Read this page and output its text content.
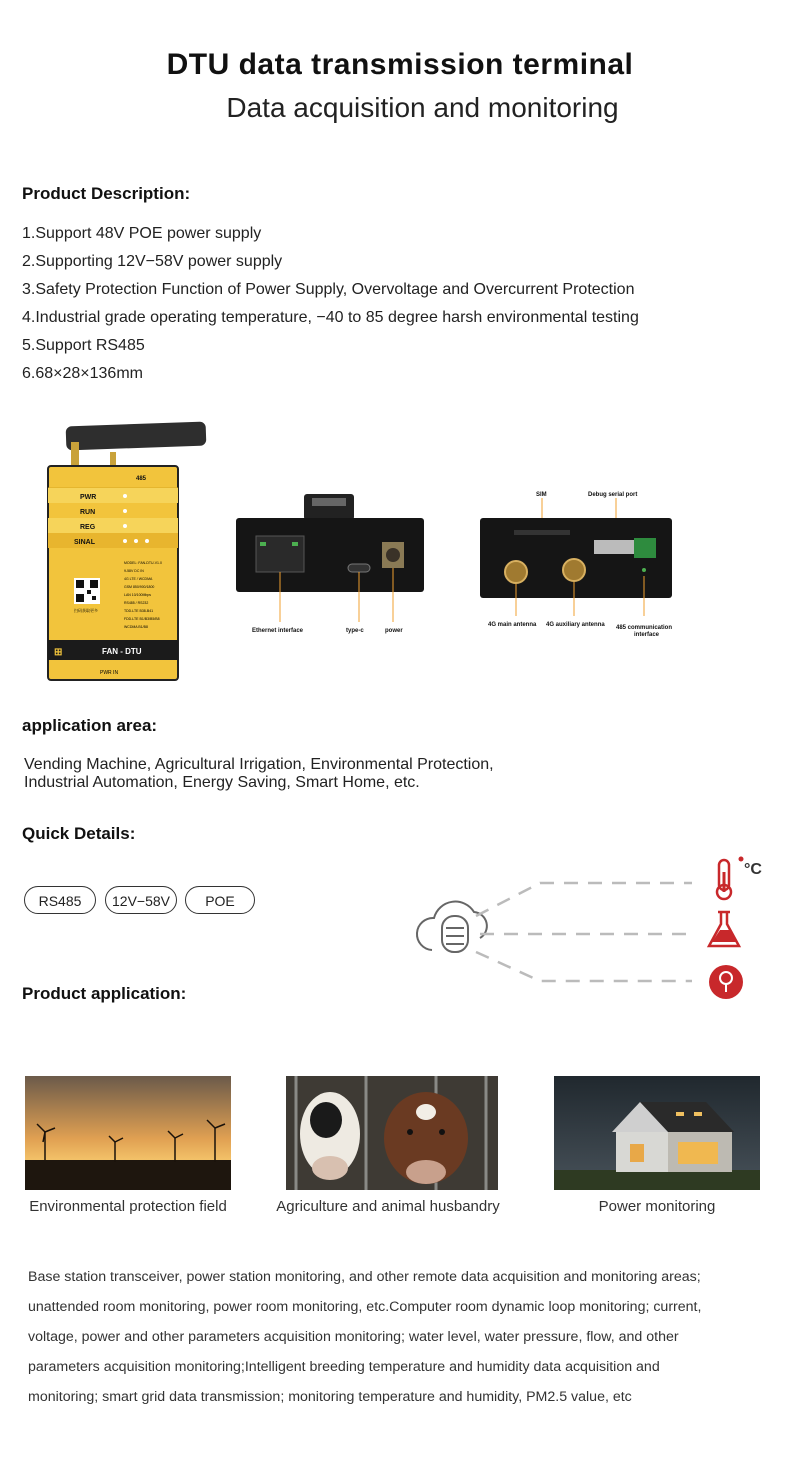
DTU data transmission terminal
Data acquisition and monitoring
Product Description:
1.Support 48V POE power supply
2.Supporting 12V−58V power supply
3.Safety Protection Function of Power Supply, Overvoltage and Overcurrent Protection
4.Industrial grade operating temperature, −40 to 85 degree harsh environmental testing
5.Support RS485
6.68×28×136mm
485
PWR
RUN
REG
SINAL
扫码获取更多
MODEL: FAN-DTU-V1.0
9-58V DC IN
4G LTE / WCDMA
GSM 850/900/1800
LAN 10/100Mbps
RS485 / RS232
TDD-LTE B38-B41
FDD-LTE B1/B3/B5/B8
WCDMA B1/B8
FAN - DTU
⊞
PWR IN
Ethernet interface	type-c	power
SIM	Debug serial port
4G main antenna 4G auxiliary antenna 485 communication
interface
application area:
Vending Machine, Agricultural Irrigation, Environmental Protection,
Industrial Automation, Energy Saving, Smart Home, etc.
Quick Details:
RS485	12V−58V	POE
°C
Product application:
Environmental protection field	Agriculture and animal husbandry	Power monitoring
Base station transceiver, power station monitoring, and other remote data acquisition and monitoring areas;
unattended room monitoring, power room monitoring, etc.Computer room dynamic loop monitoring; current,
voltage, power and other parameters acquisition monitoring; water level, water pressure, flow, and other
parameters acquisition monitoring;Intelligent breeding temperature and humidity data acquisition and
monitoring; smart grid data transmission; monitoring temperature and humidity, PM2.5 value, etc
